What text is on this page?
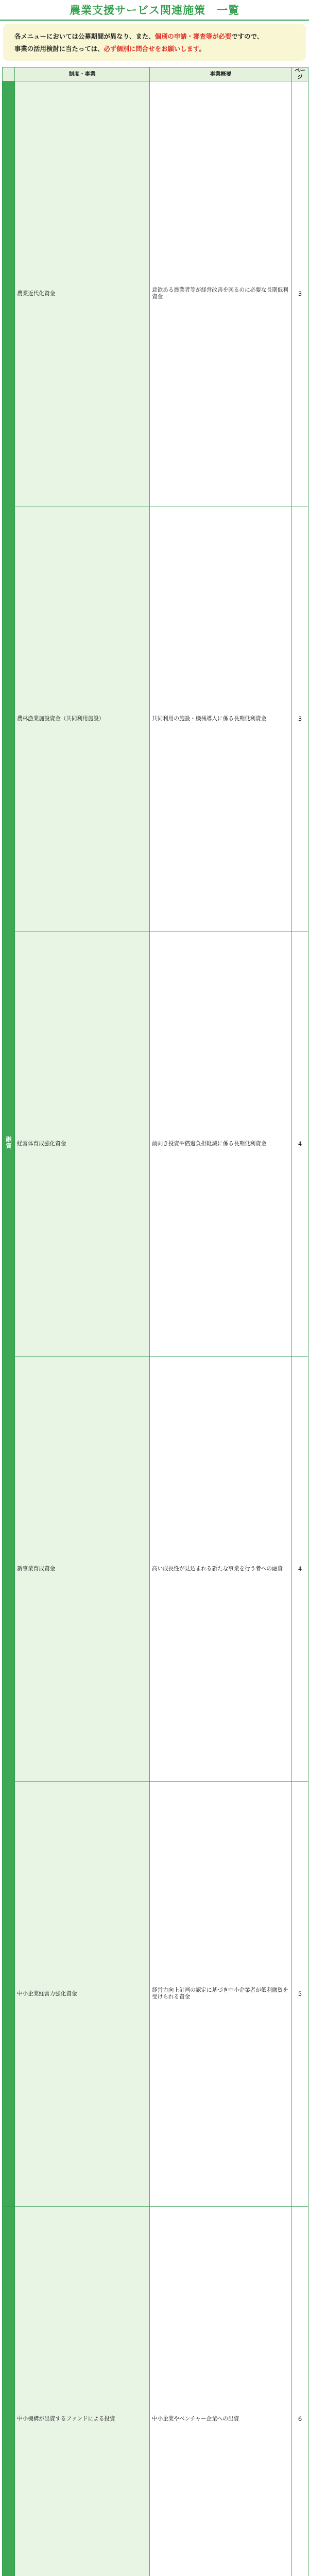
農業支援サービス関連施策　一覧
各メニューにおいては公募期間が異なり、また、個別の申請・審査等が必要ですので、
事業の活用検討に当たっては、必ず個別に問合せをお願いします。
	制度・事業	事業概要	ページ
融資	農業近代化資金	意欲ある農業者等が経営改善を図るのに必要な長期低利資金	3
	農林漁業施設資金（共同利用施設）	共同利用の施設・機械導入に係る長期低利資金	3
	経営体育成強化資金	前向き投資や償還負担軽減に係る長期低利資金	4
	新事業育成資金	高い成長性が見込まれる新たな事業を行う者への融資	4
	中小企業経営力強化資金	経営力向上計画の認定に基づき中小企業者が低利融資を受けられる資金	5
	中小機構が出資するファンドによる投資	中小企業やベンチャー企業への出資	6
